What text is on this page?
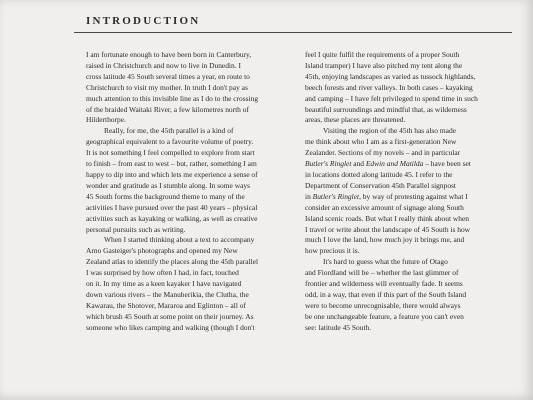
INTRODUCTION
I am fortunate enough to have been born in Canterbury,
raised in Christchurch and now to live in Dunedin. I
cross latitude 45 South several times a year, en route to
Christchurch to visit my mother. In truth I don't pay as
much attention to this invisible line as I do to the crossing
of the braided Waitaki River, a few kilometres north of
Hilderthorpe.
Really, for me, the 45th parallel is a kind of
geographical equivalent to a favourite volume of poetry.
It is not something I feel compelled to explore from start
to finish – from east to west – but, rather, something I am
happy to dip into and which lets me experience a sense of
wonder and gratitude as I stumble along. In some ways
45 South forms the background theme to many of the
activities I have pursued over the past 40 years – physical
activities such as kayaking or walking, as well as creative
personal pursuits such as writing.
When I started thinking about a text to accompany
Arno Gasteiger's photographs and opened my New
Zealand atlas to identify the places along the 45th parallel
I was surprised by how often I had, in fact, touched
on it. In my time as a keen kayaker I have navigated
down various rivers – the Manuherikia, the Clutha, the
Kawarau, the Shotover, Mararoa and Eglinton – all of
which brush 45 South at some point on their journey. As
someone who likes camping and walking (though I don't
feel I quite fulfil the requirements of a proper South
Island tramper) I have also pitched my tent along the
45th, enjoying landscapes as varied as tussock highlands,
beech forests and river valleys. In both cases – kayaking
and camping – I have felt privileged to spend time in such
beautiful surroundings and mindful that, as wilderness
areas, these places are threatened.
Visiting the region of the 45th has also made
me think about who I am as a first-generation New
Zealander. Sections of my novels – and in particular
Butler's Ringlet and Edwin and Matilda – have been set
in locations dotted along latitude 45. I refer to the
Department of Conservation 45th Parallel signpost
in Butler's Ringlet, by way of protesting against what I
consider an excessive amount of signage along South
Island scenic roads. But what I really think about when
I travel or write about the landscape of 45 South is how
much I love the land, how much joy it brings me, and
how precious it is.
It's hard to guess what the future of Otago
and Fiordland will be – whether the last glimmer of
frontier and wilderness will eventually fade. It seems
odd, in a way, that even if this part of the South Island
were to become unrecognisable, there would always
be one unchangeable feature, a feature you can't even
see: latitude 45 South.
